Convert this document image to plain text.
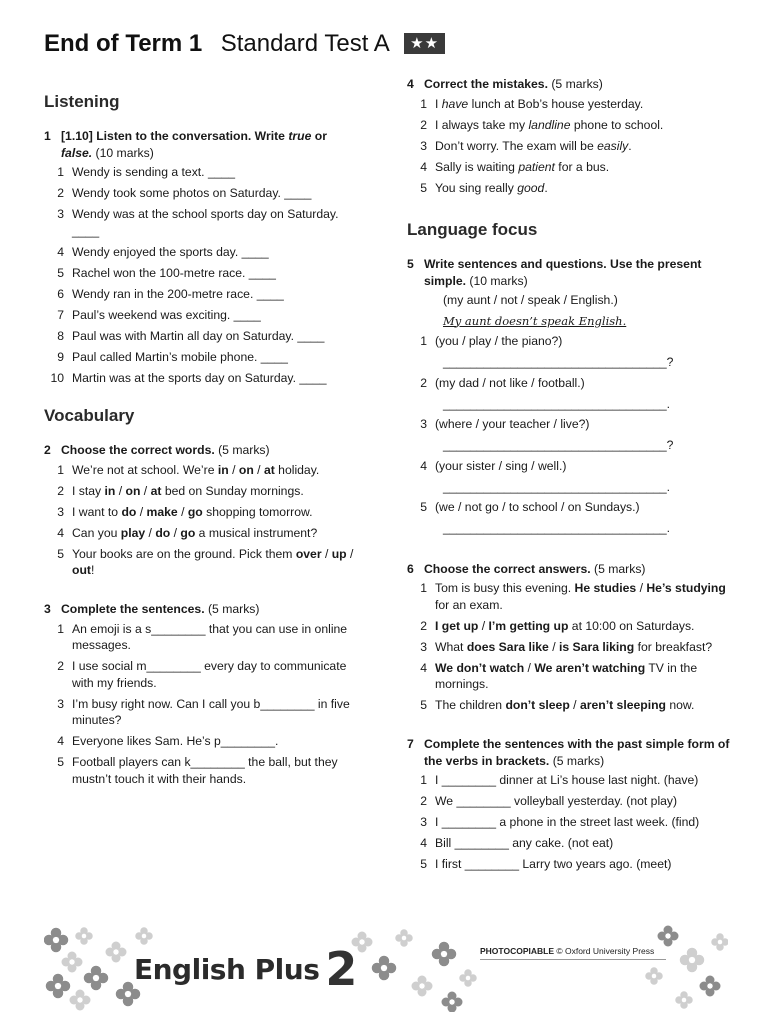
End of Term 1 Standard Test A ★★
Listening
1 [1.10] Listen to the conversation. Write true or
false. (10 marks)
1 Wendy is sending a text. ____
2 Wendy took some photos on Saturday. ____
3 Wendy was at the school sports day on Saturday. ____
4 Wendy enjoyed the sports day. ____
5 Rachel won the 100-metre race. ____
6 Wendy ran in the 200-metre race. ____
7 Paul’s weekend was exciting. ____
8 Paul was with Martin all day on Saturday. ____
9 Paul called Martin’s mobile phone. ____
10 Martin was at the sports day on Saturday. ____
Vocabulary
2 Choose the correct words. (5 marks)
1 We’re not at school. We’re in / on / at holiday.
2 I stay in / on / at bed on Sunday mornings.
3 I want to do / make / go shopping tomorrow.
4 Can you play / do / go a musical instrument?
5 Your books are on the ground. Pick them over / up / out!
3 Complete the sentences. (5 marks)
1 An emoji is a s________ that you can use in online messages.
2 I use social m________ every day to communicate with my friends.
3 I’m busy right now. Can I call you b________ in five minutes?
4 Everyone likes Sam. He’s p________.
5 Football players can k________ the ball, but they mustn’t touch it with their hands.
4 Correct the mistakes. (5 marks)
1 I have lunch at Bob’s house yesterday.
2 I always take my landline phone to school.
3 Don’t worry. The exam will be easily.
4 Sally is waiting patient for a bus.
5 You sing really good.
Language focus
5 Write sentences and questions. Use the present simple. (10 marks)
(my aunt / not / speak / English.)
My aunt doesn’t speak English.
1 (you / play / the piano?)
_________________________________?
2 (my dad / not like / football.)
_________________________________.
3 (where / your teacher / live?)
_________________________________?
4 (your sister / sing / well.)
_________________________________.
5 (we / not go / to school / on Sundays.)
_________________________________.
6 Choose the correct answers. (5 marks)
1 Tom is busy this evening. He studies / He’s studying for an exam.
2 I get up / I’m getting up at 10:00 on Saturdays.
3 What does Sara like / is Sara liking for breakfast?
4 We don’t watch / We aren’t watching TV in the mornings.
5 The children don’t sleep / aren’t sleeping now.
7 Complete the sentences with the past simple form of the verbs in brackets. (5 marks)
1 I ________ dinner at Li’s house last night. (have)
2 We ________ volleyball yesterday. (not play)
3 I ________ a phone in the street last week. (find)
4 Bill ________ any cake. (not eat)
5 I first ________ Larry two years ago. (meet)
English Plus 2	PHOTOCOPIABLE © Oxford University Press
